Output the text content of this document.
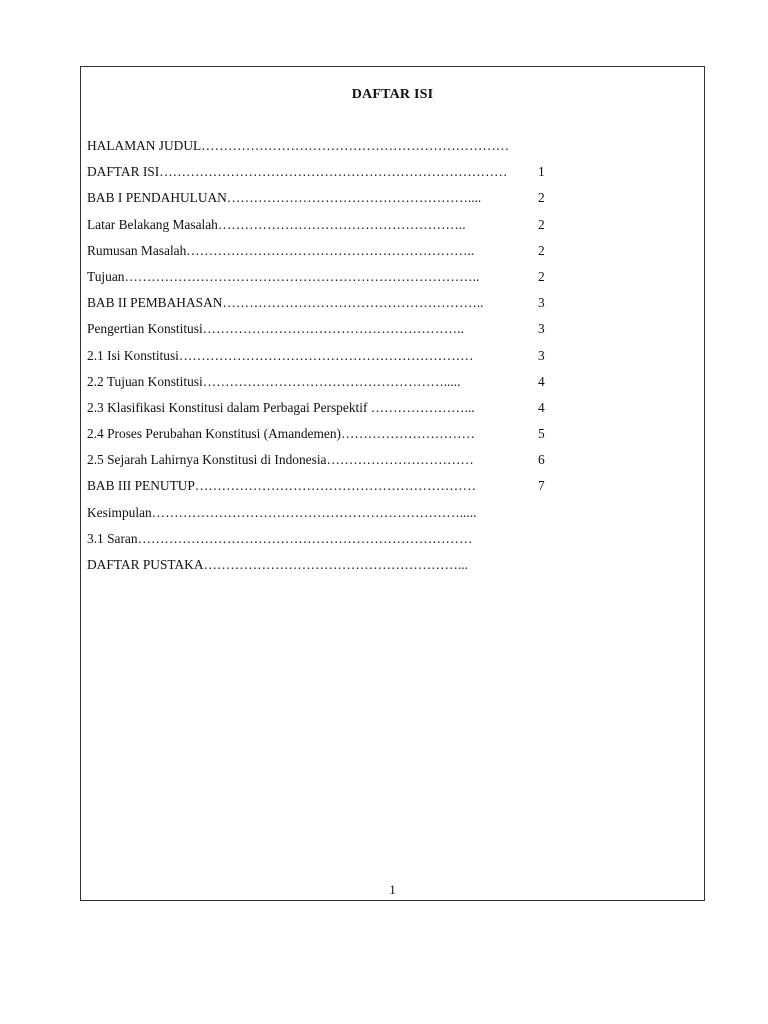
DAFTAR ISI
HALAMAN JUDUL……………………………………………………………
DAFTAR ISI…………………………………………………………………… 1
BAB I PENDAHULUAN………………………………………………....	2
Latar Belakang Masalah………………………………………………..	2
Rumusan Masalah………………………………………………………..	2
Tujuan……………………………………………………………………..	2
BAB II PEMBAHASAN…………………………………………………..	3
Pengertian Konstitusi…………………………………………………..	3
2.1 Isi Konstitusi…………………………………………………………	3
2.2 Tujuan Konstitusi……………………………………………….....	4
2.3 Klasifikasi Konstitusi dalam Perbagai Perspektif …………………...	4
2.4 Proses Perubahan Konstitusi (Amandemen)…………………………	5
2.5 Sejarah Lahirnya Konstitusi di Indonesia……………………………	6
BAB III PENUTUP………………………………………………………	7
Kesimpulan…………………………………………………………….....
3.1 Saran…………………………………………………………………
DAFTAR PUSTAKA…………………………………………………...
1
